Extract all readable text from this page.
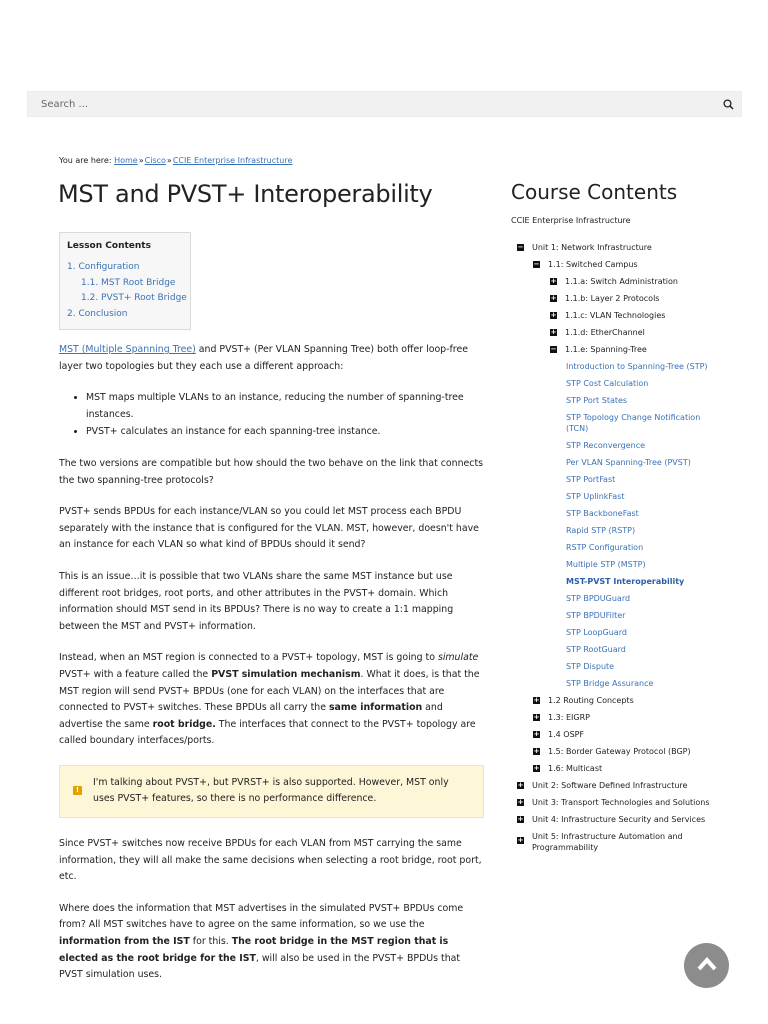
Search ...
You are here: Home»Cisco»CCIE Enterprise Infrastructure
MST and PVST+ Interoperability
Lesson Contents
1. Configuration
1.1. MST Root Bridge
1.2. PVST+ Root Bridge
2. Conclusion

MST (Multiple Spanning Tree) and PVST+ (Per VLAN Spanning Tree) both offer loop-free layer two topologies but they each use a different approach:

• MST maps multiple VLANs to an instance, reducing the number of spanning-tree instances.
• PVST+ calculates an instance for each spanning-tree instance.

The two versions are compatible but how should the two behave on the link that connects the two spanning-tree protocols?

PVST+ sends BPDUs for each instance/VLAN so you could let MST process each BPDU separately with the instance that is configured for the VLAN. MST, however, doesn't have an instance for each VLAN so what kind of BPDUs should it send?

This is an issue…it is possible that two VLANs share the same MST instance but use different root bridges, root ports, and other attributes in the PVST+ domain. Which information should MST send in its BPDUs? There is no way to create a 1:1 mapping between the MST and PVST+ information.

Instead, when an MST region is connected to a PVST+ topology, MST is going to simulate PVST+ with a feature called the PVST simulation mechanism. What it does, is that the MST region will send PVST+ BPDUs (one for each VLAN) on the interfaces that are connected to PVST+ switches. These BPDUs all carry the same information and advertise the same root bridge. The interfaces that connect to the PVST+ topology are called boundary interfaces/ports.

!
I'm talking about PVST+, but PVRST+ is also supported. However, MST only uses PVST+ features, so there is no performance difference.

Since PVST+ switches now receive BPDUs for each VLAN from MST carrying the same information, they will all make the same decisions when selecting a root bridge, root port, etc.

Where does the information that MST advertises in the simulated PVST+ BPDUs come from? All MST switches have to agree on the same information, so we use the information from the IST for this. The root bridge in the MST region that is elected as the root bridge for the IST, will also be used in the PVST+ BPDUs that PVST simulation uses.

Course Contents
CCIE Enterprise Infrastructure
− Unit 1: Network Infrastructure
− 1.1: Switched Campus
+ 1.1.a: Switch Administration
+ 1.1.b: Layer 2 Protocols
+ 1.1.c: VLAN Technologies
+ 1.1.d: EtherChannel
− 1.1.e: Spanning-Tree
Introduction to Spanning-Tree (STP)
STP Cost Calculation
STP Port States
STP Topology Change Notification (TCN)
STP Reconvergence
Per VLAN Spanning-Tree (PVST)
STP PortFast
STP UplinkFast
STP BackboneFast
Rapid STP (RSTP)
RSTP Configuration
Multiple STP (MSTP)
MST-PVST Interoperability
STP BPDUGuard
STP BPDUFilter
STP LoopGuard
STP RootGuard
STP Dispute
STP Bridge Assurance
+ 1.2 Routing Concepts
+ 1.3: EIGRP
+ 1.4 OSPF
+ 1.5: Border Gateway Protocol (BGP)
+ 1.6: Multicast
+ Unit 2: Software Defined Infrastructure
+ Unit 3: Transport Technologies and Solutions
+ Unit 4: Infrastructure Security and Services
+ Unit 5: Infrastructure Automation and Programmability
